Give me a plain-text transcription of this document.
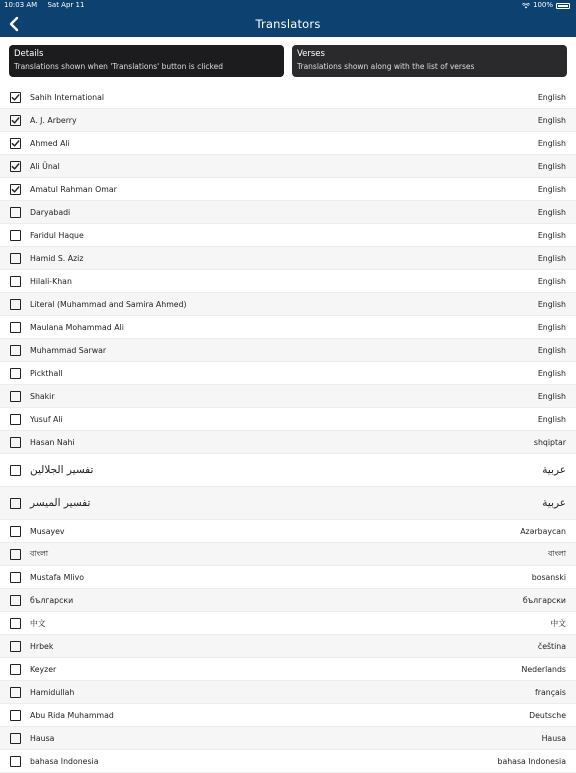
10:03 AM Sat Apr 11	100%
Translators
Details
Translations shown when 'Translations' button is clicked
Verses
Translations shown along with the list of verses
Sahih International	English
A. J. Arberry	English
Ahmed Ali	English
Ali Ünal	English
Amatul Rahman Omar	English
Daryabadi	English
Faridul Haque	English
Hamid S. Aziz	English
Hilali-Khan	English
Literal (Muhammad and Samira Ahmed)	English
Maulana Mohammad Ali	English
Muhammad Sarwar	English
Pickthall	English
Shakir	English
Yusuf Ali	English
Hasan Nahi	shqiptar
تفسير الجلالين	عربية
تفسير الميسر	عربية
Musayev	Azərbaycan
বাংলা	বাংলা
Mustafa Mlivo	bosanski
български	български
中文	中文
Hrbek	čeština
Keyzer	Nederlands
Hamidullah	français
Abu Rida Muhammad	Deutsche
Hausa	Hausa
bahasa Indonesia	bahasa Indonesia
